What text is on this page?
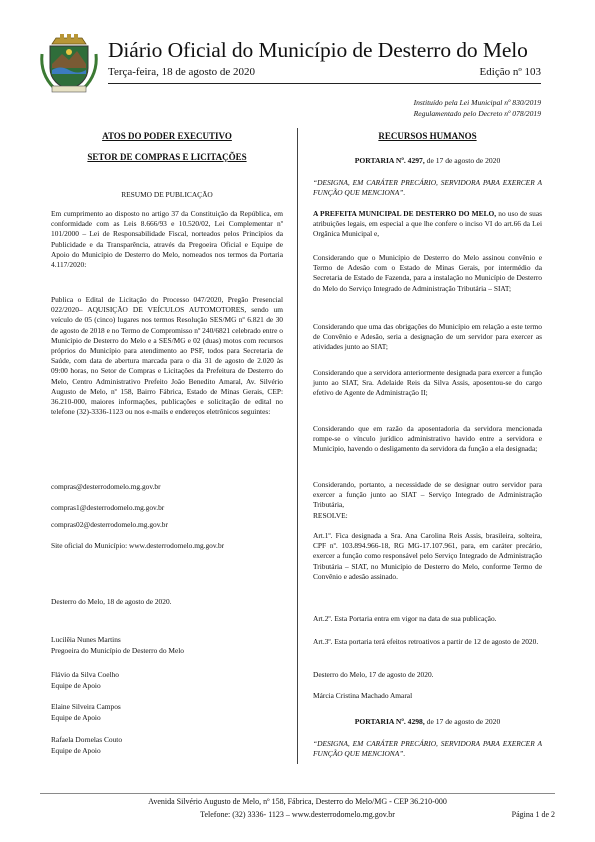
Diário Oficial do Município de Desterro do Melo
Terça-feira, 18 de agosto de 2020	Edição nº 103
Instituído pela Lei Municipal nº 830/2019
Regulamentado pelo Decreto nº 078/2019
ATOS DO PODER EXECUTIVO
SETOR DE COMPRAS E LICITAÇÕES
RESUMO DE PUBLICAÇÃO
Em cumprimento ao disposto no artigo 37 da Constituição da República, em conformidade com as Leis 8.666/93 e 10.520/02, Lei Complementar nº 101/2000 – Lei de Responsabilidade Fiscal, norteados pelos Princípios da Publicidade e da Transparência, através da Pregoeira Oficial e Equipe de Apoio do Município de Desterro do Melo, nomeados nos termos da Portaria 4.117/2020:
Publica o Edital de Licitação do Processo 047/2020, Pregão Presencial 022/2020– AQUISIÇÃO DE VEÍCULOS AUTOMOTORES, sendo um veículo de 05 (cinco) lugares nos termos Resolução SES/MG nº 6.821 de 30 de agosto de 2018 e no Termo de Compromisso nº 240/6821 celebrado entre o Município de Desterro do Melo e a SES/MG e 02 (duas) motos com recursos próprios do Município para atendimento ao PSF, todos para Secretaria de Saúde, com data de abertura marcada para o dia 31 de agosto de 2.020 às 09:00 horas, no Setor de Compras e Licitações da Prefeitura de Desterro do Melo, Centro Administrativo Prefeito João Benedito Amaral, Av. Silvério Augusto de Melo, nº 158, Bairro Fábrica, Estado de Minas Gerais, CEP: 36.210-000, maiores informações, publicações e solicitação de edital no telefone (32)-3336-1123 ou nos e-mails e endereços eletrônicos seguintes:
compras@desterrodomelo.mg.gov.br
compras1@desterrodomelo.mg.gov.br
compras02@desterrodomelo.mg.gov.br
Site oficial do Município: www.desterrodomelo.mg.gov.br
Desterro do Melo, 18 de agosto de 2020.
Lucilêia Nunes Martins
Pregoeira do Município de Desterro do Melo
Flávio da Silva Coelho
Equipe de Apoio
Elaine Silveira Campos
Equipe de Apoio
Rafaela Dornelas Couto
Equipe de Apoio
RECURSOS HUMANOS
PORTARIA Nº. 4297, de 17 de agosto de 2020
“DESIGNA, EM CARÁTER PRECÁRIO, SERVIDORA PARA EXERCER A FUNÇÃO QUE MENCIONA”.
A PREFEITA MUNICIPAL DE DESTERRO DO MELO, no uso de suas atribuições legais, em especial a que lhe confere o inciso VI do art.66 da Lei Orgânica Municipal e,
Considerando que o Município de Desterro do Melo assinou convênio e Termo de Adesão com o Estado de Minas Gerais, por intermédio da Secretaria de Estado de Fazenda, para a instalação no Município de Desterro do Melo do Serviço Integrado de Administração Tributária – SIAT;
Considerando que uma das obrigações do Município em relação a este termo de Convênio e Adesão, seria a designação de um servidor para exercer as atividades junto ao SIAT;
Considerando que a servidora anteriormente designada para exercer a função junto ao SIAT, Sra. Adelaide Reis da Silva Assis, aposentou-se do cargo efetivo de Agente de Administração II;
Considerando que em razão da aposentadoria da servidora mencionada rompe-se o vínculo jurídico administrativo havido entre a servidora e Município, havendo o desligamento da servidora da função a ela designada;
Considerando, portanto, a necessidade de se designar outro servidor para exercer a função junto ao SIAT – Serviço Integrado de Administração Tributária,
RESOLVE:
Art.1º. Fica designada a Sra. Ana Carolina Reis Assis, brasileira, solteira, CPF nº. 103.894.966-18, RG MG-17.107.961, para, em caráter precário, exercer a função como responsável pelo Serviço Integrado de Administração Tributária – SIAT, no Município de Desterro do Melo, conforme Termo de Convênio e adesão assinado.
Art.2º. Esta Portaria entra em vigor na data de sua publicação.
Art.3º. Esta portaria terá efeitos retroativos a partir de 12 de agosto de 2020.
Desterro do Melo, 17 de agosto de 2020.
Márcia Cristina Machado Amaral
PORTARIA Nº. 4298, de 17 de agosto de 2020
“DESIGNA, EM CARÁTER PRECÁRIO, SERVIDORA PARA EXERCER A FUNÇÃO QUE MENCIONA”.
Avenida Silvério Augusto de Melo, nº 158, Fábrica, Desterro do Melo/MG - CEP 36.210-000
Telefone: (32) 3336- 1123 – www.desterrodomelo.mg.gov.br	Página 1 de 2
